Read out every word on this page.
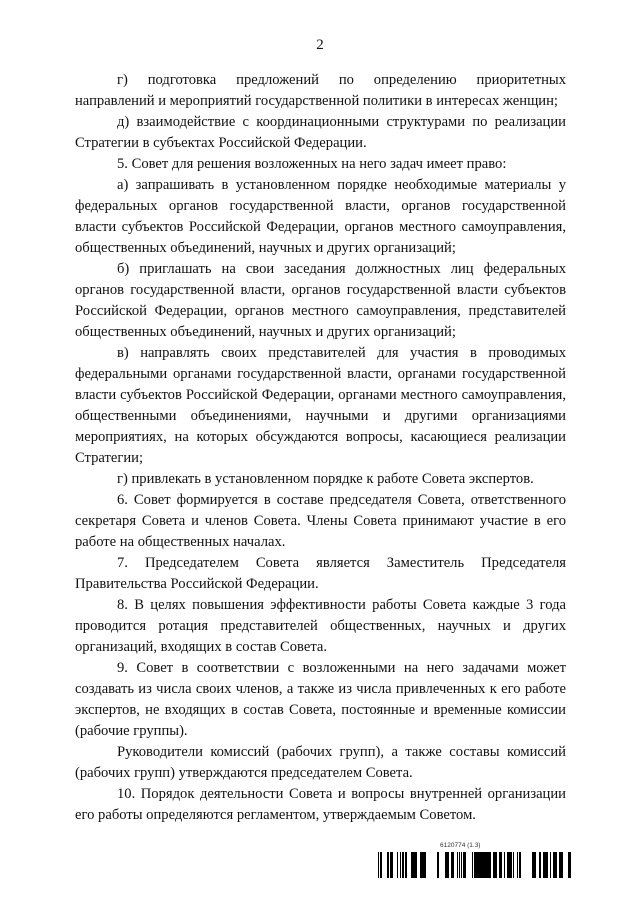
2

г) подготовка предложений по определению приоритетных направлений и мероприятий государственной политики в интересах женщин;

д) взаимодействие с координационными структурами по реализации Стратегии в субъектах Российской Федерации.

5. Совет для решения возложенных на него задач имеет право:

а) запрашивать в установленном порядке необходимые материалы у федеральных органов государственной власти, органов государственной власти субъектов Российской Федерации, органов местного самоуправления, общественных объединений, научных и других организаций;

б) приглашать на свои заседания должностных лиц федеральных органов государственной власти, органов государственной власти субъектов Российской Федерации, органов местного самоуправления, представителей общественных объединений, научных и других организаций;

в) направлять своих представителей для участия в проводимых федеральными органами государственной власти, органами государственной власти субъектов Российской Федерации, органами местного самоуправления, общественными объединениями, научными и другими организациями мероприятиях, на которых обсуждаются вопросы, касающиеся реализации Стратегии;

г) привлекать в установленном порядке к работе Совета экспертов.

6. Совет формируется в составе председателя Совета, ответственного секретаря Совета и членов Совета. Члены Совета принимают участие в его работе на общественных началах.

7. Председателем Совета является Заместитель Председателя Правительства Российской Федерации.

8. В целях повышения эффективности работы Совета каждые 3 года проводится ротация представителей общественных, научных и других организаций, входящих в состав Совета.

9. Совет в соответствии с возложенными на него задачами может создавать из числа своих членов, а также из числа привлеченных к его работе экспертов, не входящих в состав Совета, постоянные и временные комиссии (рабочие группы).

Руководители комиссий (рабочих групп), а также составы комиссий (рабочих групп) утверждаются председателем Совета.

10. Порядок деятельности Совета и вопросы внутренней организации его работы определяются регламентом, утверждаемым Советом.

6120774 (1.3)
